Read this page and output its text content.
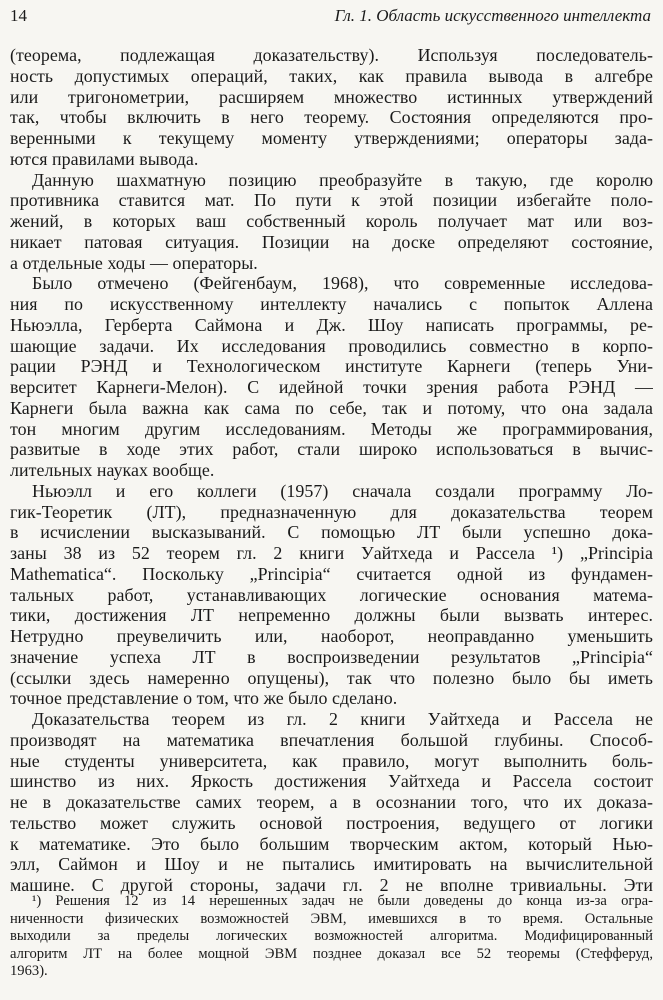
14	Гл. 1. Область искусственного интеллекта
(теорема, подлежащая доказательству). Используя последователь-
ность допустимых операций, таких, как правила вывода в алгебре
или тригонометрии, расширяем множество истинных утверждений
так, чтобы включить в него теорему. Состояния определяются про-
веренными к текущему моменту утверждениями; операторы зада-
ются правилами вывода.
Данную шахматную позицию преобразуйте в такую, где королю
противника ставится мат. По пути к этой позиции избегайте поло-
жений, в которых ваш собственный король получает мат или воз-
никает патовая ситуация. Позиции на доске определяют состояние,
а отдельные ходы — операторы.
Было отмечено (Фейгенбаум, 1968), что современные исследова-
ния по искусственному интеллекту начались с попыток Аллена
Ньюэлла, Герберта Саймона и Дж. Шоу написать программы, ре-
шающие задачи. Их исследования проводились совместно в корпо-
рации РЭНД и Технологическом институте Карнеги (теперь Уни-
верситет Карнеги-Мелон). С идейной точки зрения работа РЭНД —
Карнеги была важна как сама по себе, так и потому, что она задала
тон многим другим исследованиям. Методы же программирования,
развитые в ходе этих работ, стали широко использоваться в вычис-
лительных науках вообще.
Ньюэлл и его коллеги (1957) сначала создали программу Ло-
гик-Теоретик (ЛТ), предназначенную для доказательства теорем
в исчислении высказываний. С помощью ЛТ были успешно дока-
заны 38 из 52 теорем гл. 2 книги Уайтхеда и Рассела ¹) „Principia
Mathematica“. Поскольку „Principia“ считается одной из фундамен-
тальных работ, устанавливающих логические основания матема-
тики, достижения ЛТ непременно должны были вызвать интерес.
Нетрудно преувеличить или, наоборот, неоправданно уменьшить
значение успеха ЛТ в воспроизведении результатов „Principia“
(ссылки здесь намеренно опущены), так что полезно было бы иметь
точное представление о том, что же было сделано.
Доказательства теорем из гл. 2 книги Уайтхеда и Рассела не
производят на математика впечатления большой глубины. Способ-
ные студенты университета, как правило, могут выполнить боль-
шинство из них. Яркость достижения Уайтхеда и Рассела состоит
не в доказательстве самих теорем, а в осознании того, что их доказа-
тельство может служить основой построения, ведущего от логики
к математике. Это было большим творческим актом, который Нью-
элл, Саймон и Шоу и не пытались имитировать на вычислительной
машине. С другой стороны, задачи гл. 2 не вполне тривиальны. Эти
¹) Решения 12 из 14 нерешенных задач не были доведены до конца из-за огра-
ниченности физических возможностей ЭВМ, имевшихся в то время. Остальные
выходили за пределы логических возможностей алгоритма. Модифицированный
алгоритм ЛТ на более мощной ЭВМ позднее доказал все 52 теоремы (Стефферуд,
1963).
